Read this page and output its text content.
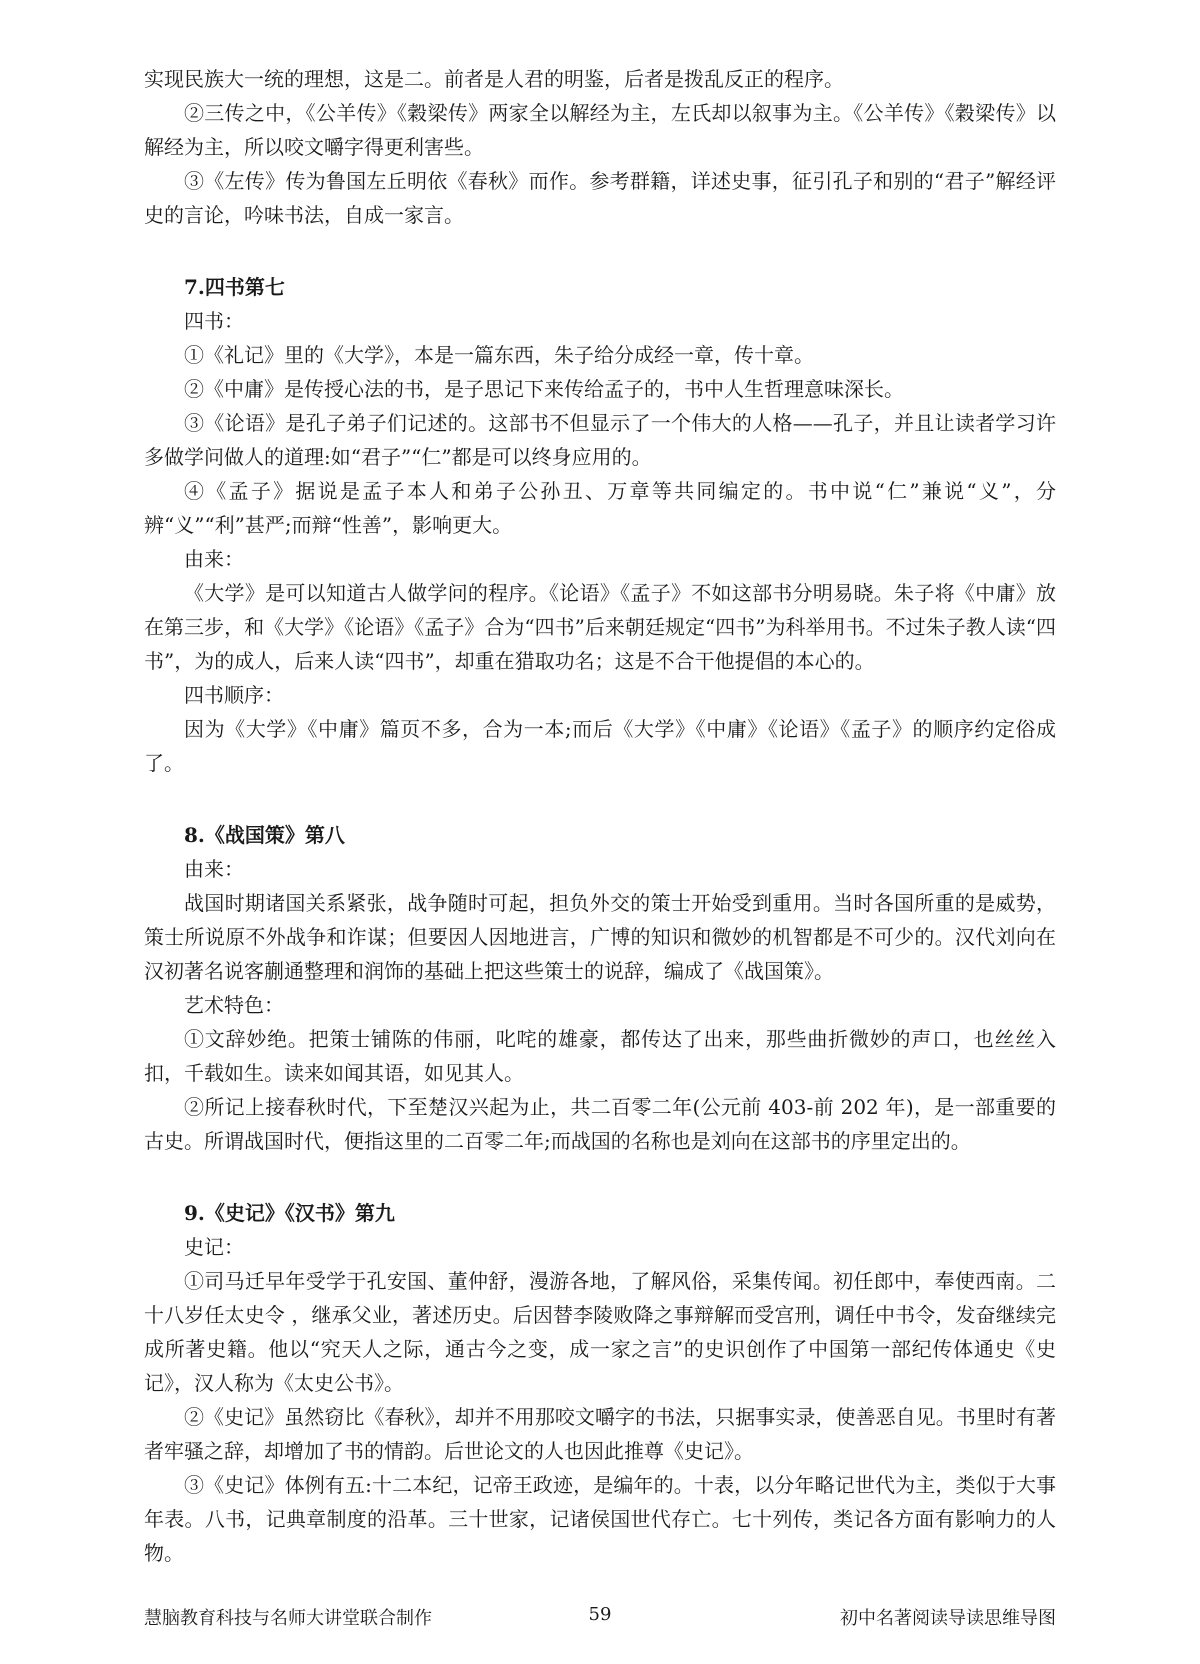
实现民族大一统的理想，这是二。前者是人君的明鉴，后者是拨乱反正的程序。

②三传之中，《公羊传》《穀梁传》两家全以解经为主，左氏却以叙事为主。《公羊传》《穀梁传》以解经为主，所以咬文嚼字得更利害些。

③《左传》传为鲁国左丘明依《春秋》而作。参考群籍，详述史事，征引孔子和别的“君子”解经评史的言论，吟味书法，自成一家言。

7.四书第七

四书：

①《礼记》里的《大学》，本是一篇东西，朱子给分成经一章，传十章。

②《中庸》是传授心法的书，是子思记下来传给孟子的，书中人生哲理意味深长。

③《论语》是孔子弟子们记述的。这部书不但显示了一个伟大的人格——孔子，并且让读者学习许多做学问做人的道理:如“君子”“仁”都是可以终身应用的。

④《孟子》据说是孟子本人和弟子公孙丑、万章等共同编定的。书中说“仁”兼说“义”，分辨“义”“利”甚严;而辩“性善”，影响更大。

由来：

《大学》是可以知道古人做学问的程序。《论语》《孟子》不如这部书分明易晓。朱子将《中庸》放在第三步，和《大学》《论语》《孟子》合为“四书”后来朝廷规定“四书”为科举用书。不过朱子教人读“四书”，为的成人，后来人读“四书”，却重在猎取功名；这是不合干他提倡的本心的。

四书顺序：

因为《大学》《中庸》篇页不多，合为一本;而后《大学》《中庸》《论语》《孟子》的顺序约定俗成了。

8.《战国策》第八

由来：

战国时期诸国关系紧张，战争随时可起，担负外交的策士开始受到重用。当时各国所重的是威势，策士所说原不外战争和诈谋；但要因人因地进言，广博的知识和微妙的机智都是不可少的。汉代刘向在汉初著名说客蒯通整理和润饰的基础上把这些策士的说辞，编成了《战国策》。

艺术特色：

①文辞妙绝。把策士铺陈的伟丽，叱咤的雄豪，都传达了出来，那些曲折微妙的声口，也丝丝入扣，千载如生。读来如闻其语，如见其人。

②所记上接春秋时代，下至楚汉兴起为止，共二百零二年(公元前 403-前 202 年)，是一部重要的古史。所谓战国时代，便指这里的二百零二年;而战国的名称也是刘向在这部书的序里定出的。

9.《史记》《汉书》第九

史记：

①司马迁早年受学于孔安国、董仲舒，漫游各地，了解风俗，采集传闻。初任郎中，奉使西南。二十八岁任太史令 ，继承父业，著述历史。后因替李陵败降之事辩解而受宫刑，调任中书令，发奋继续完成所著史籍。他以“究天人之际，通古今之变，成一家之言”的史识创作了中国第一部纪传体通史《史记》，汉人称为《太史公书》。

②《史记》虽然窃比《春秋》，却并不用那咬文嚼字的书法，只据事实录，使善恶自见。书里时有著者牢骚之辞，却增加了书的情韵。后世论文的人也因此推尊《史记》。

③《史记》体例有五:十二本纪，记帝王政迹，是编年的。十表，以分年略记世代为主，类似于大事年表。八书，记典章制度的沿革。三十世家，记诸侯国世代存亡。七十列传，类记各方面有影响力的人物。

慧脑教育科技与名师大讲堂联合制作	59	初中名著阅读导读思维导图
